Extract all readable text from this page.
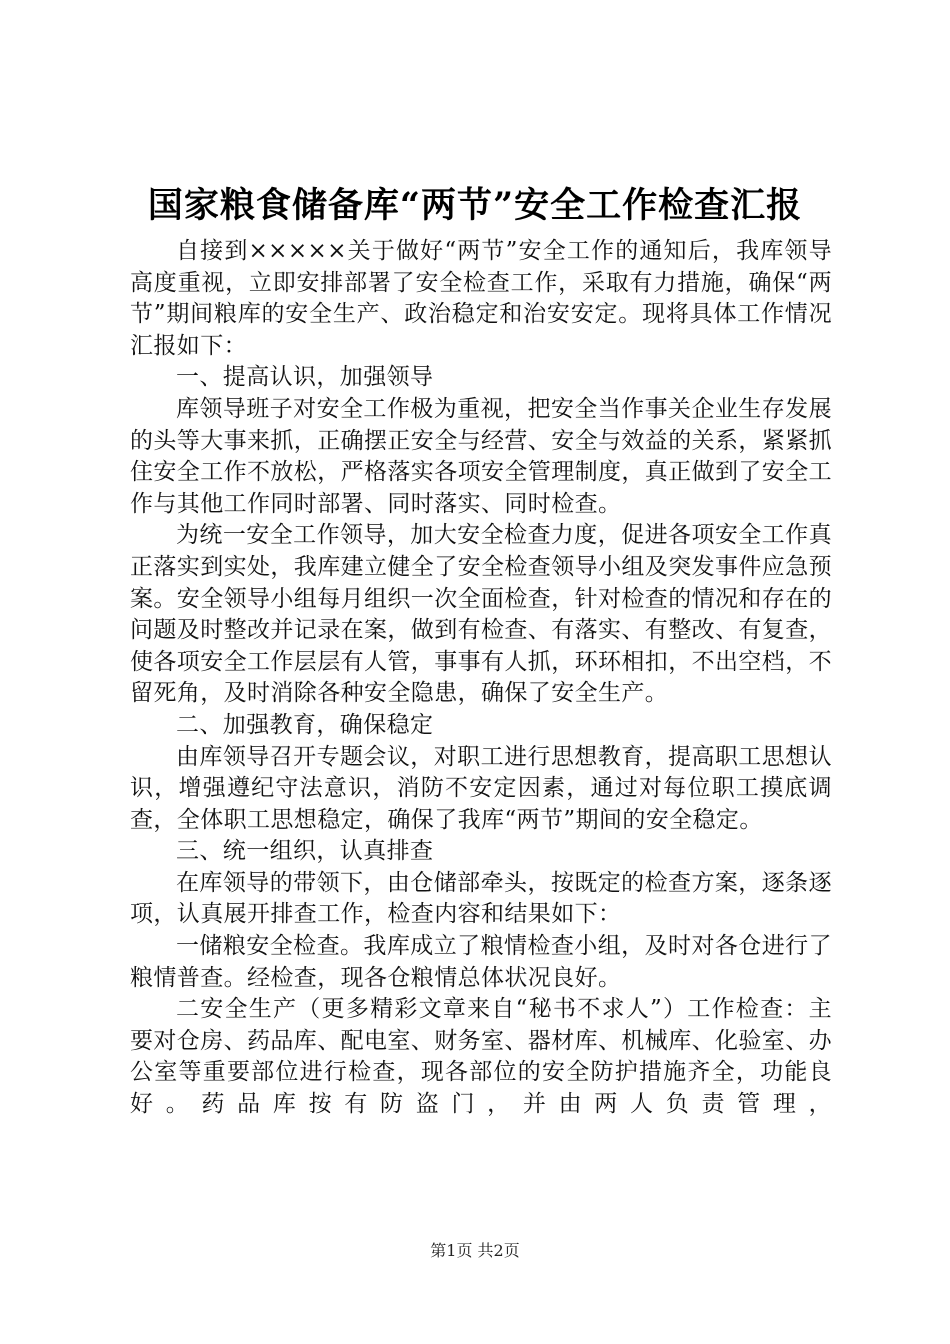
国家粮食储备库“两节”安全工作检查汇报

自接到×××××关于做好“两节”安全工作的通知后，我库领导高度重视，立即安排部署了安全检查工作，采取有力措施，确保“两节”期间粮库的安全生产、政治稳定和治安安定。现将具体工作情况汇报如下：

一、提高认识，加强领导

库领导班子对安全工作极为重视，把安全当作事关企业生存发展的头等大事来抓，正确摆正安全与经营、安全与效益的关系，紧紧抓住安全工作不放松，严格落实各项安全管理制度，真正做到了安全工作与其他工作同时部署、同时落实、同时检查。

为统一安全工作领导，加大安全检查力度，促进各项安全工作真正落实到实处，我库建立健全了安全检查领导小组及突发事件应急预案。安全领导小组每月组织一次全面检查，针对检查的情况和存在的问题及时整改并记录在案，做到有检查、有落实、有整改、有复查，使各项安全工作层层有人管，事事有人抓，环环相扣，不出空档，不留死角，及时消除各种安全隐患，确保了安全生产。

二、加强教育，确保稳定

由库领导召开专题会议，对职工进行思想教育，提高职工思想认识，增强遵纪守法意识，消防不安定因素，通过对每位职工摸底调查，全体职工思想稳定，确保了我库“两节”期间的安全稳定。

三、统一组织，认真排查

在库领导的带领下，由仓储部牵头，按既定的检查方案，逐条逐项，认真展开排查工作，检查内容和结果如下：

一储粮安全检查。我库成立了粮情检查小组，及时对各仓进行了粮情普查。经检查，现各仓粮情总体状况良好。

二安全生产（更多精彩文章来自“秘书不求人”）工作检查：主要对仓房、药品库、配电室、财务室、器材库、机械库、化验室、办公室等重要部位进行检查，现各部位的安全防护措施齐全，功能良好。药品库按有防盗门，并由两人负责管理，

第1页 共2页
